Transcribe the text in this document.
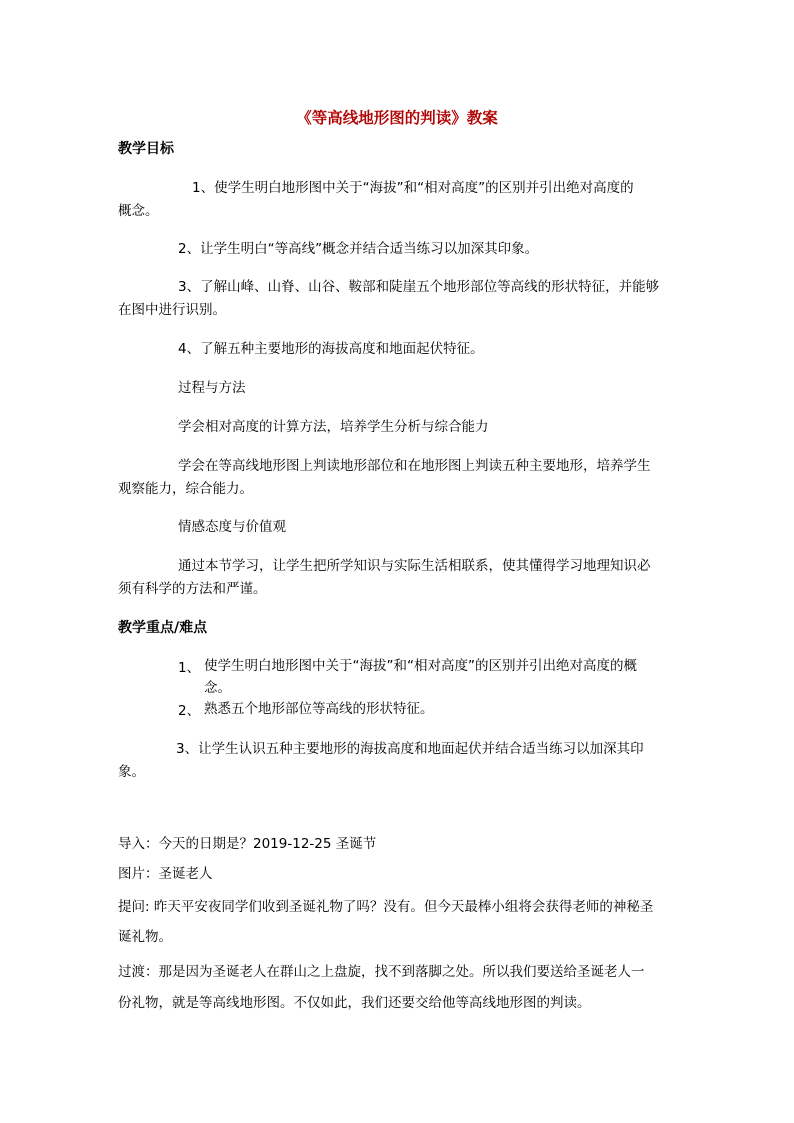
《等高线地形图的判读》教案
教学目标
1、使学生明白地形图中关于“海拔”和“相对高度”的区别并引出绝对高度的
概念。
2、让学生明白“等高线”概念并结合适当练习以加深其印象。
3、了解山峰、山脊、山谷、鞍部和陡崖五个地形部位等高线的形状特征，并能够
在图中进行识别。
4、了解五种主要地形的海拔高度和地面起伏特征。
过程与方法
学会相对高度的计算方法，培养学生分析与综合能力
学会在等高线地形图上判读地形部位和在地形图上判读五种主要地形，培养学生
观察能力，综合能力。
情感态度与价值观
通过本节学习，让学生把所学知识与实际生活相联系，使其懂得学习地理知识必
须有科学的方法和严谨。
教学重点/难点
1、 使学生明白地形图中关于“海拔”和“相对高度”的区别并引出绝对高度的概
念。
2、 熟悉五个地形部位等高线的形状特征。
3、让学生认识五种主要地形的海拔高度和地面起伏并结合适当练习以加深其印
象。
导入：今天的日期是？2019-12-25 圣诞节
图片：圣诞老人
提问: 昨天平安夜同学们收到圣诞礼物了吗？没有。但今天最棒小组将会获得老师的神秘圣
诞礼物。
过渡：那是因为圣诞老人在群山之上盘旋，找不到落脚之处。所以我们要送给圣诞老人一
份礼物，就是等高线地形图。不仅如此，我们还要交给他等高线地形图的判读。
